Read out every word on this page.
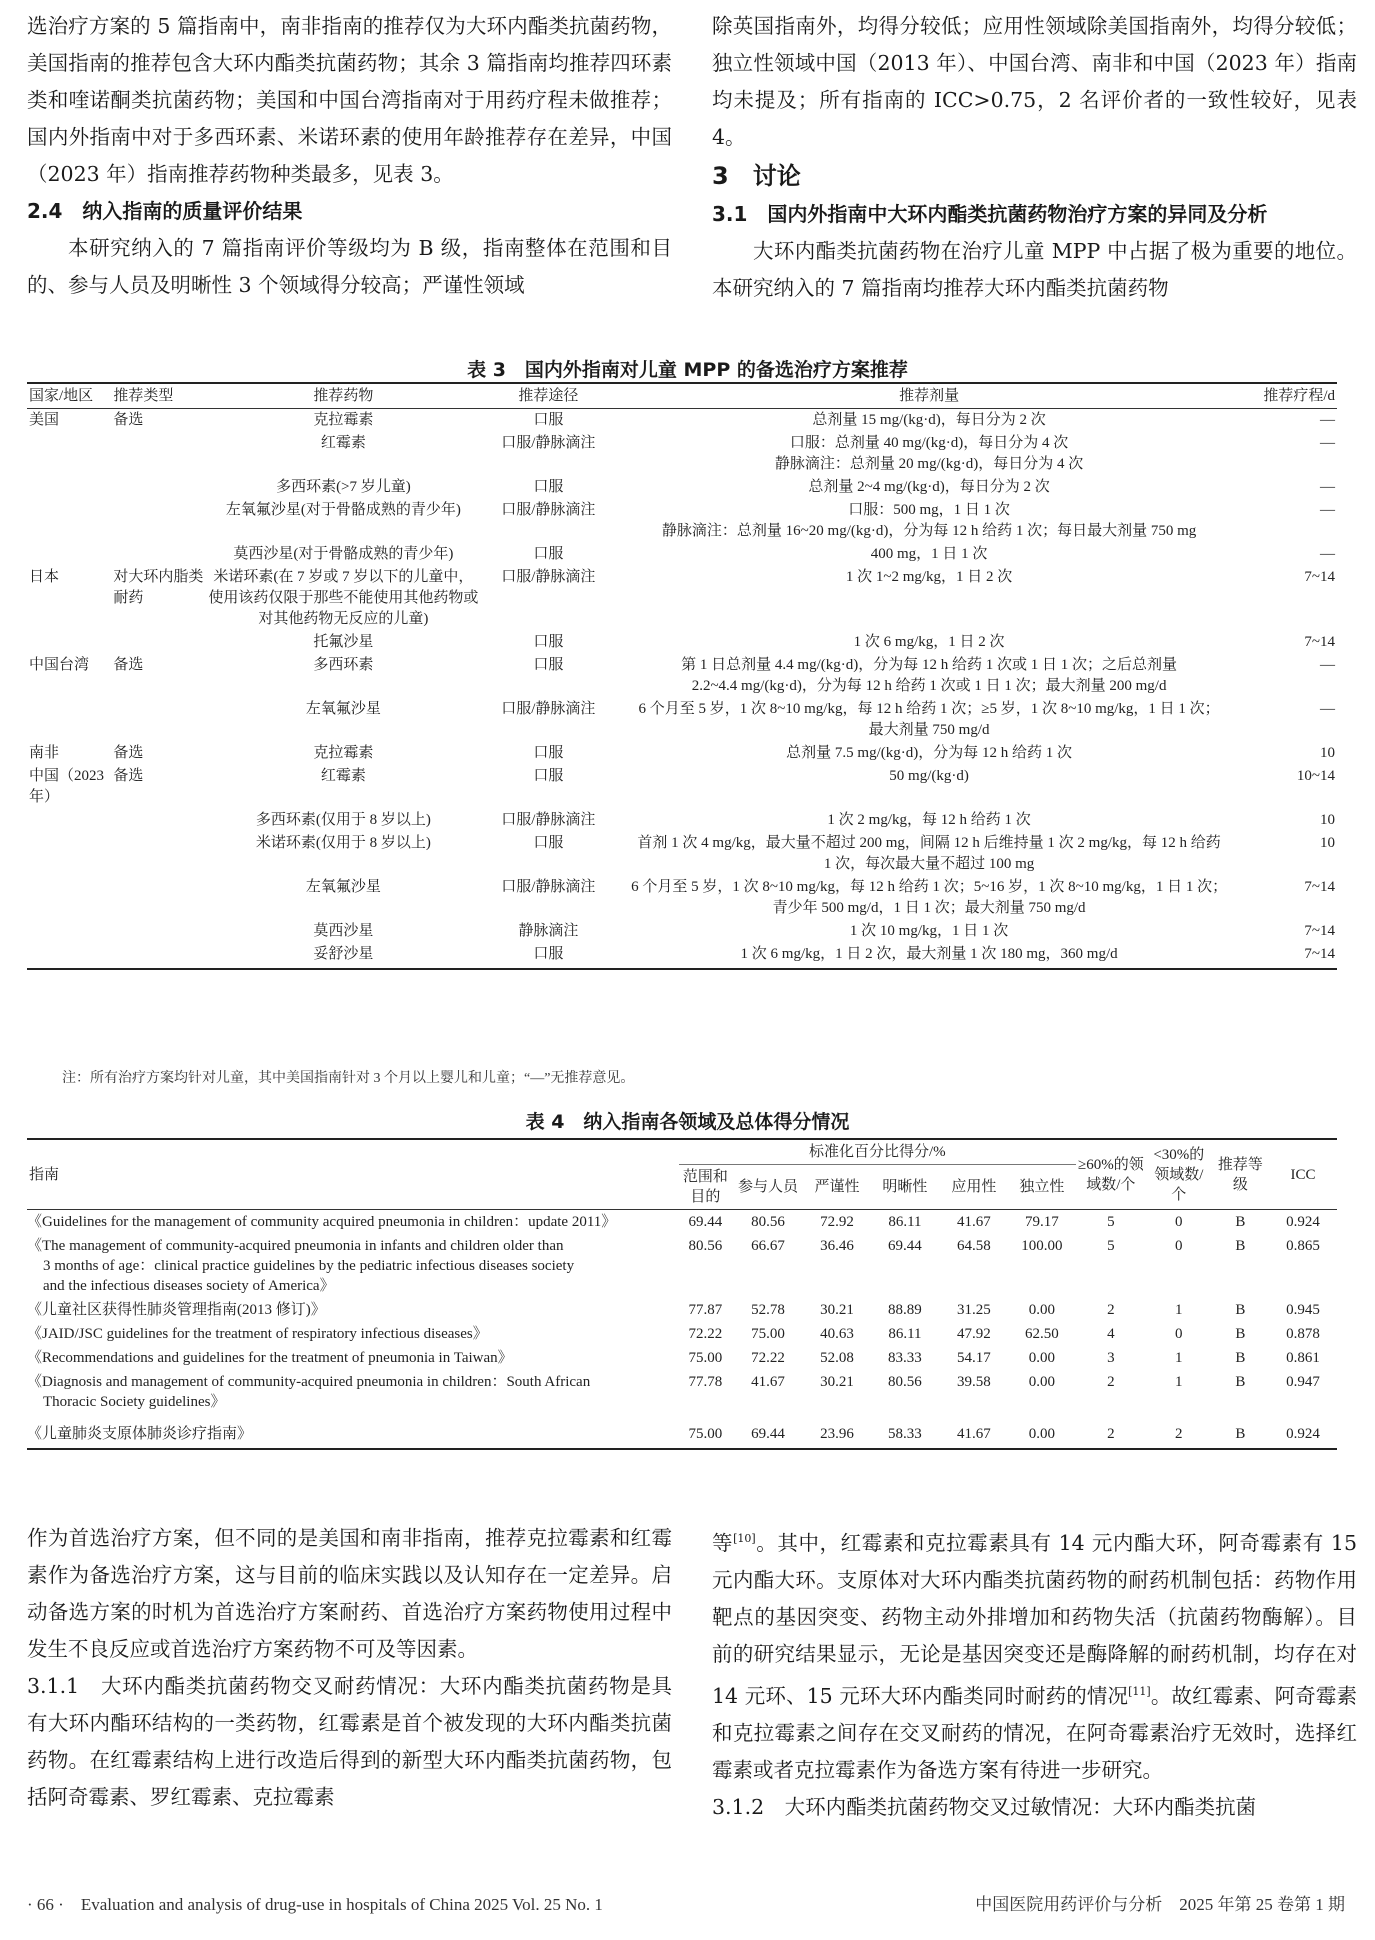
选治疗方案的 5 篇指南中，南非指南的推荐仅为大环内酯类抗菌药物，美国指南的推荐包含大环内酯类抗菌药物；其余 3 篇指南均推荐四环素类和喹诺酮类抗菌药物；美国和中国台湾指南对于用药疗程未做推荐；国内外指南中对于多西环素、米诺环素的使用年龄推荐存在差异，中国（2023 年）指南推荐药物种类最多，见表 3。

2.4　纳入指南的质量评价结果

本研究纳入的 7 篇指南评价等级均为 B 级，指南整体在范围和目的、参与人员及明晰性 3 个领域得分较高；严谨性领域

除英国指南外，均得分较低；应用性领域除美国指南外，均得分较低；独立性领域中国（2013 年）、中国台湾、南非和中国（2023 年）指南均未提及；所有指南的 ICC>0.75，2 名评价者的一致性较好，见表 4。

3　讨论

3.1　国内外指南中大环内酯类抗菌药物治疗方案的异同及分析

大环内酯类抗菌药物在治疗儿童 MPP 中占据了极为重要的地位。本研究纳入的 7 篇指南均推荐大环内酯类抗菌药物

表 3　国内外指南对儿童 MPP 的备选治疗方案推荐
国家/地区	推荐类型	推荐药物	推荐途径	推荐剂量	推荐疗程/d
美国	备选	克拉霉素	口服	总剂量 15 mg/(kg·d)，每日分为 2 次	—
		红霉素	口服/静脉滴注	口服：总剂量 40 mg/(kg·d)，每日分为 4 次
静脉滴注：总剂量 20 mg/(kg·d)，每日分为 4 次	—
		多西环素(>7 岁儿童)	口服	总剂量 2~4 mg/(kg·d)，每日分为 2 次	—
		左氧氟沙星(对于骨骼成熟的青少年)	口服/静脉滴注	口服：500 mg，1 日 1 次
静脉滴注：总剂量 16~20 mg/(kg·d)，分为每 12 h 给药 1 次；每日最大剂量 750 mg	—
		莫西沙星(对于骨骼成熟的青少年)	口服	400 mg，1 日 1 次	—
日本	对大环内脂类耐药	米诺环素(在 7 岁或 7 岁以下的儿童中，使用该药仅限于那些不能使用其他药物或对其他药物无反应的儿童)	口服/静脉滴注	1 次 1~2 mg/kg，1 日 2 次	7~14
		托氟沙星	口服	1 次 6 mg/kg，1 日 2 次	7~14
中国台湾	备选	多西环素	口服	第 1 日总剂量 4.4 mg/(kg·d)，分为每 12 h 给药 1 次或 1 日 1 次；之后总剂量
2.2~4.4 mg/(kg·d)，分为每 12 h 给药 1 次或 1 日 1 次；最大剂量 200 mg/d	—
		左氧氟沙星	口服/静脉滴注	6 个月至 5 岁，1 次 8~10 mg/kg，每 12 h 给药 1 次；≥5 岁，1 次 8~10 mg/kg，1 日 1 次；
最大剂量 750 mg/d	—
南非	备选	克拉霉素	口服	总剂量 7.5 mg/(kg·d)，分为每 12 h 给药 1 次	10
中国（2023 年）	备选	红霉素	口服	50 mg/(kg·d)	10~14
		多西环素(仅用于 8 岁以上)	口服/静脉滴注	1 次 2 mg/kg，每 12 h 给药 1 次	10
		米诺环素(仅用于 8 岁以上)	口服	首剂 1 次 4 mg/kg，最大量不超过 200 mg，间隔 12 h 后维持量 1 次 2 mg/kg，每 12 h 给药
1 次，每次最大量不超过 100 mg	10
		左氧氟沙星	口服/静脉滴注	6 个月至 5 岁，1 次 8~10 mg/kg，每 12 h 给药 1 次；5~16 岁，1 次 8~10 mg/kg，1 日 1 次；
青少年 500 mg/d，1 日 1 次；最大剂量 750 mg/d	7~14
		莫西沙星	静脉滴注	1 次 10 mg/kg，1 日 1 次	7~14
		妥舒沙星	口服	1 次 6 mg/kg，1 日 2 次，最大剂量 1 次 180 mg，360 mg/d	7~14
注：所有治疗方案均针对儿童，其中美国指南针对 3 个月以上婴儿和儿童；“—”无推荐意见。
表 4　纳入指南各领域及总体得分情况
指南	标准化百分比得分/%						≥60%的领域数/个	<30%的领域数/个	推荐等级	ICC
	范围和目的	参与人员	严谨性	明晰性	应用性	独立性				

《Guidelines for the management of community acquired pneumonia in children：update 2011》	69.44	80.56	72.92	86.11	41.67	79.17	5	0	B	0.924

《The management of community-acquired pneumonia in infants and children older than
3 months of age：clinical practice guidelines by the pediatric infectious diseases society
and the infectious diseases society of America》	80.56	66.67	36.46	69.44	64.58	100.00	5	0	B	0.865

《儿童社区获得性肺炎管理指南(2013 修订)》	77.87	52.78	30.21	88.89	31.25	0.00	2	1	B	0.945

《JAID/JSC guidelines for the treatment of respiratory infectious diseases》	72.22	75.00	40.63	86.11	47.92	62.50	4	0	B	0.878

《Recommendations and guidelines for the treatment of pneumonia in Taiwan》	75.00	72.22	52.08	83.33	54.17	0.00	3	1	B	0.861

《Diagnosis and management of community-acquired pneumonia in children：South African
Thoracic Society guidelines》	77.78	41.67	30.21	80.56	39.58	0.00	2	1	B	0.947

《儿童肺炎支原体肺炎诊疗指南》	75.00	69.44	23.96	58.33	41.67	0.00	2	2	B	0.924

作为首选治疗方案，但不同的是美国和南非指南，推荐克拉霉素和红霉素作为备选治疗方案，这与目前的临床实践以及认知存在一定差异。启动备选方案的时机为首选治疗方案耐药、首选治疗方案药物使用过程中发生不良反应或首选治疗方案药物不可及等因素。

3.1.1　大环内酯类抗菌药物交叉耐药情况：大环内酯类抗菌药物是具有大环内酯环结构的一类药物，红霉素是首个被发现的大环内酯类抗菌药物。在红霉素结构上进行改造后得到的新型大环内酯类抗菌药物，包括阿奇霉素、罗红霉素、克拉霉素

等[10]。其中，红霉素和克拉霉素具有 14 元内酯大环，阿奇霉素有 15 元内酯大环。支原体对大环内酯类抗菌药物的耐药机制包括：药物作用靶点的基因突变、药物主动外排增加和药物失活（抗菌药物酶解）。目前的研究结果显示，无论是基因突变还是酶降解的耐药机制，均存在对 14 元环、15 元环大环内酯类同时耐药的情况[11]。故红霉素、阿奇霉素和克拉霉素之间存在交叉耐药的情况，在阿奇霉素治疗无效时，选择红霉素或者克拉霉素作为备选方案有待进一步研究。

3.1.2　大环内酯类抗菌药物交叉过敏情况：大环内酯类抗菌

· 66 ·　Evaluation and analysis of drug-use in hospitals of China 2025 Vol. 25 No. 1	中国医院用药评价与分析　2025 年第 25 卷第 1 期
